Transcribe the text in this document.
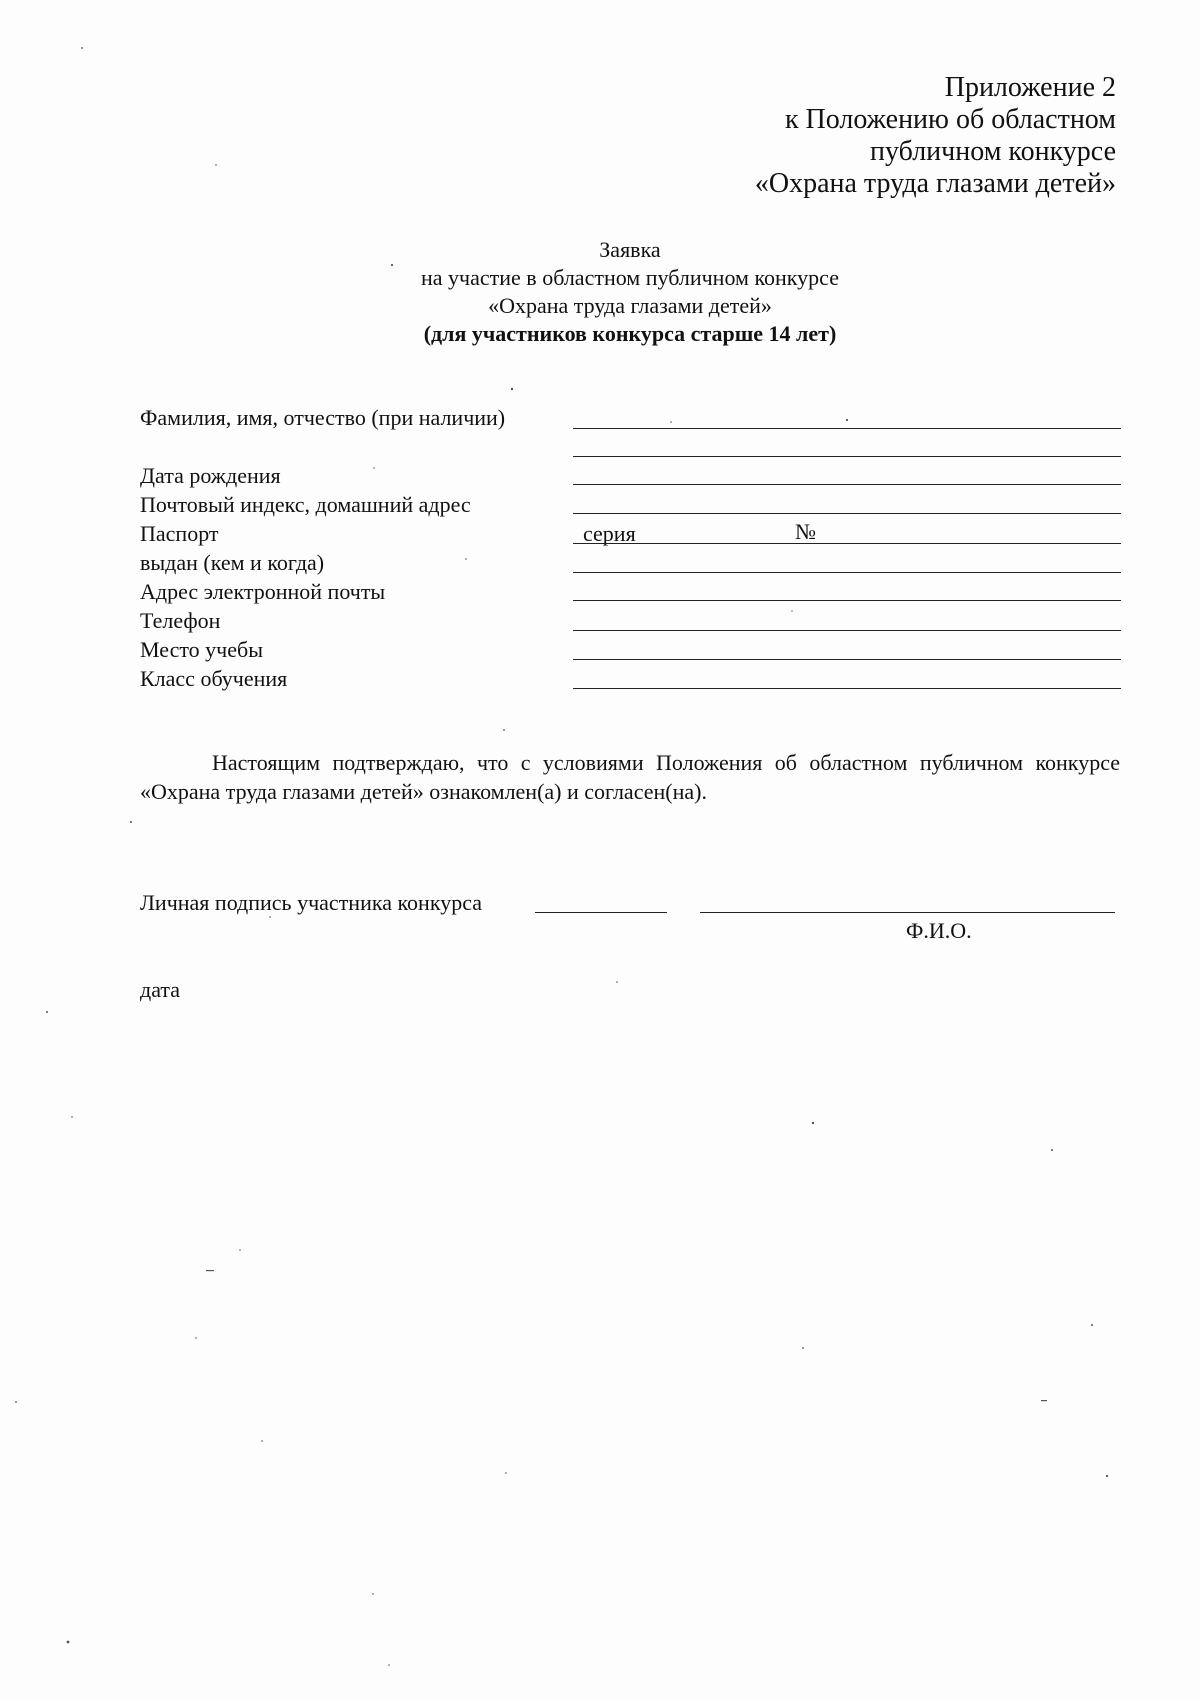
Приложение 2
к Положению об областном
публичном конкурсе
«Охрана труда глазами детей»
Заявка
на участие в областном публичном конкурсе
«Охрана труда глазами детей»
(для участников конкурса старше 14 лет)
Фамилия, имя, отчество (при наличии)
Дата рождения
Почтовый индекс, домашний адрес
Паспорт	серия	№
выдан (кем и когда)
Адрес электронной почты
Телефон
Место учебы
Класс обучения

Настоящим подтверждаю, что с условиями Положения об областном публичном конкурсе «Охрана труда глазами детей» ознакомлен(а) и согласен(на).

Личная подпись участника конкурса
Ф.И.О.
дата
